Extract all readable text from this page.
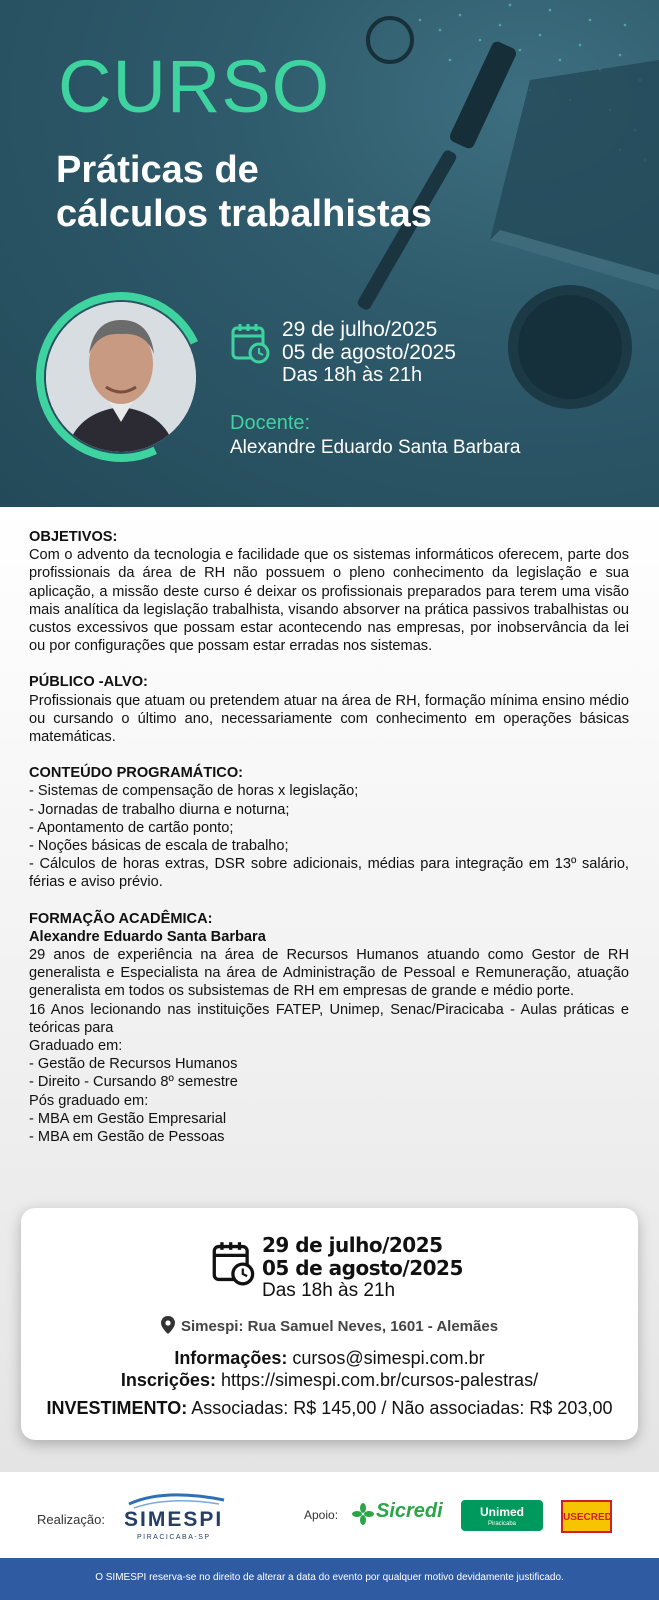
CURSO
Práticas de
cálculos trabalhistas
29 de julho/2025
05 de agosto/2025
Das 18h às 21h
Docente:
Alexandre Eduardo Santa Barbara
OBJETIVOS:

Com o advento da tecnologia e facilidade que os sistemas informáticos oferecem, parte dos profissionais da área de RH não possuem o pleno conhecimento da legislação e sua aplicação, a missão deste curso é deixar os profissionais preparados para terem uma visão mais analítica da legislação trabalhista, visando absorver na prática passivos trabalhistas ou custos excessivos que possam estar acontecendo nas empresas, por inobservância da lei ou por configurações que possam estar erradas nos sistemas.

PÚBLICO -ALVO:

Profissionais que atuam ou pretendem atuar na área de RH, formação mínima ensino médio ou cursando o último ano, necessariamente com conhecimento em operações básicas matemáticas.

CONTEÚDO PROGRAMÁTICO:

- Sistemas de compensação de horas x legislação;

- Jornadas de trabalho diurna e noturna;

- Apontamento de cartão ponto;

- Noções básicas de escala de trabalho;

- Cálculos de horas extras, DSR sobre adicionais, médias para integração em 13º salário, férias e aviso prévio.

FORMAÇÃO ACADÊMICA:
Alexandre Eduardo Santa Barbara

29 anos de experiência na área de Recursos Humanos atuando como Gestor de RH generalista e Especialista na área de Administração de Pessoal e Remuneração, atuação generalista em todos os subsistemas de RH em empresas de grande e médio porte.

16 Anos lecionando nas instituições FATEP, Unimep, Senac/Piracicaba - Aulas práticas e teóricas para

Graduado em:

- Gestão de Recursos Humanos

- Direito - Cursando 8º semestre

Pós graduado em:

- MBA em Gestão Empresarial

- MBA em Gestão de Pessoas

29 de julho/2025
05 de agosto/2025
Das 18h às 21h
Simespi: Rua Samuel Neves, 1601 - Alemães
Informações: cursos@simespi.com.br
Inscrições: https://simespi.com.br/cursos-palestras/
INVESTIMENTO: Associadas: R$ 145,00 / Não associadas: R$ 203,00
Realização: SIMESPI
PIRACICABA-SP
Apoio: Sicredi	Unimed
Piracicaba
USECRED
O SIMESPI reserva-se no direito de alterar a data do evento por qualquer motivo devidamente justificado.
